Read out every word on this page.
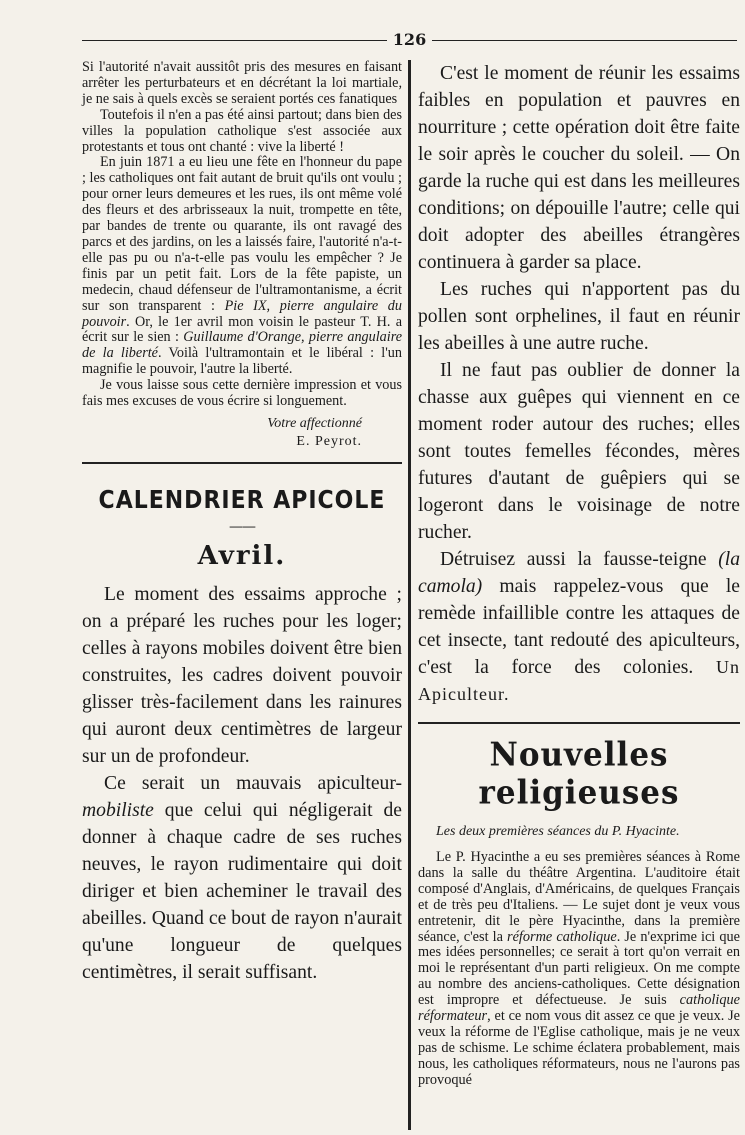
126

Si l'autorité n'avait aussitôt pris des mesures en faisant arrêter les perturbateurs et en décrétant la loi martiale, je ne sais à quels excès se seraient portés ces fanatiques

Toutefois il n'en a pas été ainsi partout; dans bien des villes la population catholique s'est associée aux protestants et tous ont chanté : vive la liberté !

En juin 1871 a eu lieu une fête en l'honneur du pape ; les catholiques ont fait autant de bruit qu'ils ont voulu ; pour orner leurs demeures et les rues, ils ont même volé des fleurs et des arbrisseaux la nuit, trompette en tête, par bandes de trente ou quarante, ils ont ravagé des parcs et des jardins, on les a laissés faire, l'autorité n'a-t-elle pas pu ou n'a-t-elle pas voulu les empêcher ? Je finis par un petit fait. Lors de la fête papiste, un medecin, chaud défenseur de l'ultramontanisme, a écrit sur son transparent : Pie IX, pierre angulaire du pouvoir. Or, le 1er avril mon voisin le pasteur T. H. a écrit sur le sien : Guillaume d'Orange, pierre angulaire de la liberté. Voilà l'ultramontain et le libéral : l'un magnifie le pouvoir, l'autre la liberté.

Je vous laisse sous cette dernière impression et vous fais mes excuses de vous écrire si longuement.

Votre affectionné
E. Peyrot.
CALENDRIER APICOLE
——
Avril.

Le moment des essaims approche ; on a préparé les ruches pour les loger; celles à rayons mobiles doivent être bien construites, les cadres doivent pouvoir glisser très-facilement dans les rainures qui auront deux centimètres de largeur sur un de profondeur.

Ce serait un mauvais apiculteur-mobiliste que celui qui négligerait de donner à chaque cadre de ses ruches neuves, le rayon rudimentaire qui doit diriger et bien acheminer le travail des abeilles. Quand ce bout de rayon n'aurait qu'une longueur de quelques centimètres, il serait suffisant.

C'est le moment de réunir les essaims faibles en population et pauvres en nourriture ; cette opération doit être faite le soir après le coucher du soleil. — On garde la ruche qui est dans les meilleures conditions; on dépouille l'autre; celle qui doit adopter des abeilles étrangères continuera à garder sa place.

Les ruches qui n'apportent pas du pollen sont orphelines, il faut en réunir les abeilles à une autre ruche.

Il ne faut pas oublier de donner la chasse aux guêpes qui viennent en ce moment roder autour des ruches; elles sont toutes femelles fécondes, mères futures d'autant de guêpiers qui se logeront dans le voisinage de notre rucher.

Détruisez aussi la fausse-teigne (la camola) mais rappelez-vous que le remède infaillible contre les attaques de cet insecte, tant redouté des apiculteurs, c'est la force des colonies. Un Apiculteur.

Nouvelles religieuses

Les deux premières séances du P. Hyacinte.

Le P. Hyacinthe a eu ses premières séances à Rome dans la salle du théâtre Argentina. L'auditoire était composé d'Anglais, d'Américains, de quelques Français et de très peu d'Italiens. — Le sujet dont je veux vous entretenir, dit le père Hyacinthe, dans la première séance, c'est la réforme catholique. Je n'exprime ici que mes idées personnelles; ce serait à tort qu'on verrait en moi le représentant d'un parti religieux. On me compte au nombre des anciens-catholiques. Cette désignation est impropre et défectueuse. Je suis catholique réformateur, et ce nom vous dit assez ce que je veux. Je veux la réforme de l'Eglise catholique, mais je ne veux pas de schisme. Le schime éclatera probablement, mais nous, les catholiques réformateurs, nous ne l'aurons pas provoqué
